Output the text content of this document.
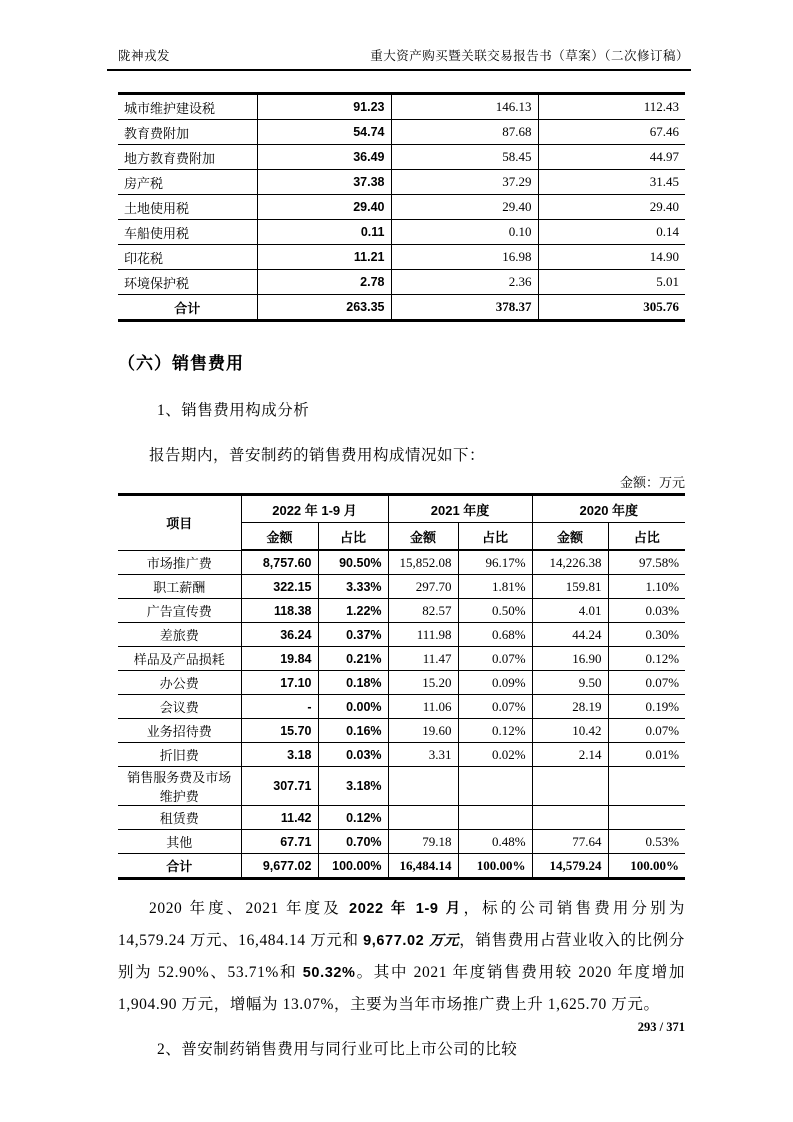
陇神戎发	重大资产购买暨关联交易报告书（草案）（二次修订稿）
城市维护建设税	91.23	146.13	112.43
教育费附加	54.74	87.68	67.46
地方教育费附加	36.49	58.45	44.97
房产税	37.38	37.29	31.45
土地使用税	29.40	29.40	29.40
车船使用税	0.11	0.10	0.14
印花税	11.21	16.98	14.90
环境保护税	2.78	2.36	5.01
合计	263.35	378.37	305.76
（六）销售费用
1、销售费用构成分析
报告期内，普安制药的销售费用构成情况如下：
金额：万元
项目	2022 年 1-9 月		2021 年度		2020 年度	
	金额	占比	金额	占比	金额	占比
市场推广费	8,757.60	90.50%	15,852.08	96.17%	14,226.38	97.58%
职工薪酬	322.15	3.33%	297.70	1.81%	159.81	1.10%
广告宣传费	118.38	1.22%	82.57	0.50%	4.01	0.03%
差旅费	36.24	0.37%	111.98	0.68%	44.24	0.30%
样品及产品损耗	19.84	0.21%	11.47	0.07%	16.90	0.12%
办公费	17.10	0.18%	15.20	0.09%	9.50	0.07%
会议费	-	0.00%	11.06	0.07%	28.19	0.19%
业务招待费	15.70	0.16%	19.60	0.12%	10.42	0.07%
折旧费	3.18	0.03%	3.31	0.02%	2.14	0.01%
销售服务费及市场维护费	307.71	3.18%				
租赁费	11.42	0.12%				
其他	67.71	0.70%	79.18	0.48%	77.64	0.53%
合计	9,677.02	100.00%	16,484.14	100.00%	14,579.24	100.00%

2020 年度、2021 年度及 2022 年 1-9 月，标的公司销售费用分别为 14,579.24 万元、16,484.14 万元和 9,677.02 万元，销售费用占营业收入的比例分别为 52.90%、53.71%和 50.32%。其中 2021 年度销售费用较 2020 年度增加 1,904.90 万元，增幅为 13.07%，主要为当年市场推广费上升 1,625.70 万元。

2、普安制药销售费用与同行业可比上市公司的比较
293 / 371
